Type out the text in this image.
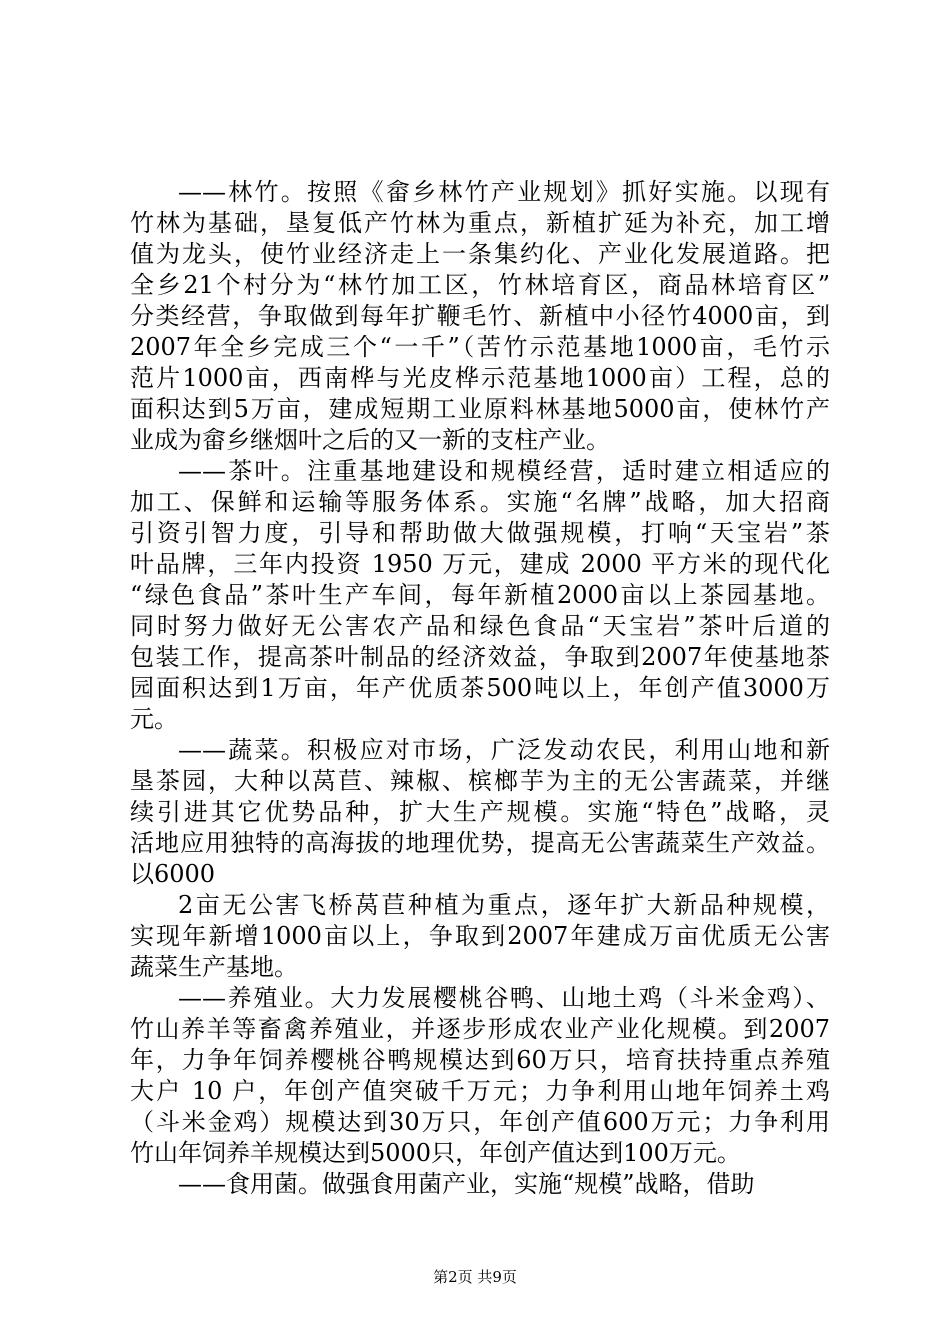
——林竹。按照《畲乡林竹产业规划》抓好实施。以现有
竹林为基础，垦复低产竹林为重点，新植扩延为补充，加工增
值为龙头，使竹业经济走上一条集约化、产业化发展道路。把
全乡21个村分为“林竹加工区，竹林培育区，商品林培育区”
分类经营，争取做到每年扩鞭毛竹、新植中小径竹4000亩，到
2007年全乡完成三个“一千”（苦竹示范基地1000亩，毛竹示
范片1000亩，西南桦与光皮桦示范基地1000亩）工程，总的
面积达到5万亩，建成短期工业原料林基地5000亩，使林竹产
业成为畲乡继烟叶之后的又一新的支柱产业。
——茶叶。注重基地建设和规模经营，适时建立相适应的
加工、保鲜和运输等服务体系。实施“名牌”战略，加大招商
引资引智力度，引导和帮助做大做强规模，打响“天宝岩”茶
叶品牌，三年内投资 1950 万元，建成 2000 平方米的现代化
“绿色食品”茶叶生产车间，每年新植2000亩以上茶园基地。
同时努力做好无公害农产品和绿色食品“天宝岩”茶叶后道的
包装工作，提高茶叶制品的经济效益，争取到2007年使基地茶
园面积达到1万亩，年产优质茶500吨以上，年创产值3000万
元。
——蔬菜。积极应对市场，广泛发动农民，利用山地和新
垦茶园，大种以莴苣、辣椒、槟榔芋为主的无公害蔬菜，并继
续引进其它优势品种，扩大生产规模。实施“特色”战略，灵
活地应用独特的高海拔的地理优势，提高无公害蔬菜生产效益。
以6000
2亩无公害飞桥莴苣种植为重点，逐年扩大新品种规模，
实现年新增1000亩以上，争取到2007年建成万亩优质无公害
蔬菜生产基地。
——养殖业。大力发展樱桃谷鸭、山地土鸡（斗米金鸡）、
竹山养羊等畜禽养殖业，并逐步形成农业产业化规模。到2007
年，力争年饲养樱桃谷鸭规模达到60万只，培育扶持重点养殖
大户 10 户，年创产值突破千万元；力争利用山地年饲养土鸡
（斗米金鸡）规模达到30万只，年创产值600万元；力争利用
竹山年饲养羊规模达到5000只，年创产值达到100万元。
——食用菌。做强食用菌产业，实施“规模”战略，借助
第2页 共9页
